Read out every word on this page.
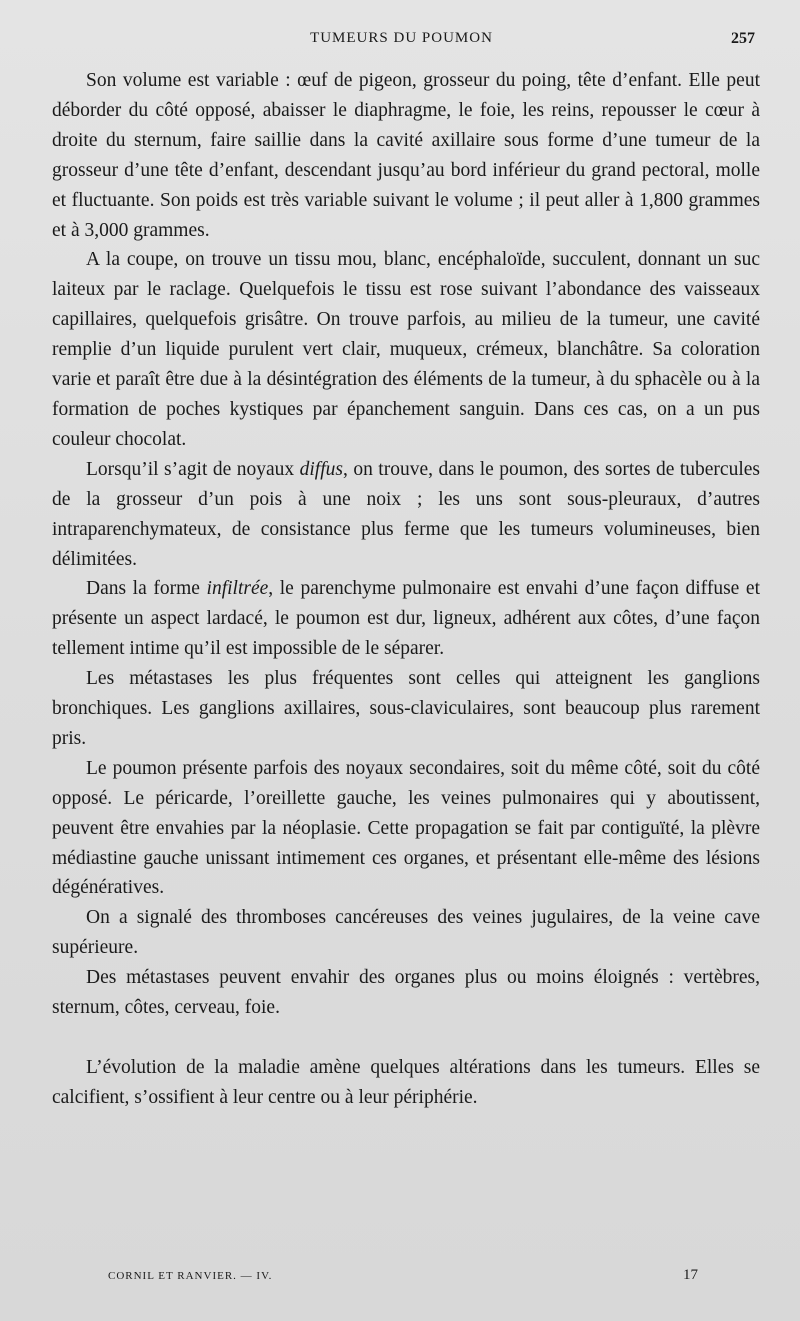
TUMEURS DU POUMON	257

Son volume est variable : œuf de pigeon, grosseur du poing, tête d’enfant. Elle peut déborder du côté opposé, abaisser le diaphragme, le foie, les reins, repousser le cœur à droite du sternum, faire saillie dans la cavité axillaire sous forme d’une tumeur de la grosseur d’une tête d’enfant, descendant jusqu’au bord inférieur du grand pectoral, molle et fluctuante. Son poids est très variable suivant le volume ; il peut aller à 1,800 grammes et à 3,000 grammes.

A la coupe, on trouve un tissu mou, blanc, encéphaloïde, succulent, donnant un suc laiteux par le raclage. Quelquefois le tissu est rose suivant l’abondance des vaisseaux capillaires, quelquefois grisâtre. On trouve parfois, au milieu de la tumeur, une cavité remplie d’un liquide purulent vert clair, muqueux, crémeux, blanchâtre. Sa coloration varie et paraît être due à la désintégration des éléments de la tumeur, à du sphacèle ou à la formation de poches kystiques par épanchement sanguin. Dans ces cas, on a un pus couleur chocolat.

Lorsqu’il s’agit de noyaux diffus, on trouve, dans le poumon, des sortes de tubercules de la grosseur d’un pois à une noix ; les uns sont sous-pleuraux, d’autres intraparenchymateux, de consistance plus ferme que les tumeurs volumineuses, bien délimitées.

Dans la forme infiltrée, le parenchyme pulmonaire est envahi d’une façon diffuse et présente un aspect lardacé, le poumon est dur, ligneux, adhérent aux côtes, d’une façon tellement intime qu’il est impossible de le séparer.

Les métastases les plus fréquentes sont celles qui atteignent les ganglions bronchiques. Les ganglions axillaires, sous-claviculaires, sont beaucoup plus rarement pris.

Le poumon présente parfois des noyaux secondaires, soit du même côté, soit du côté opposé. Le péricarde, l’oreillette gauche, les veines pulmonaires qui y aboutissent, peuvent être envahies par la néoplasie. Cette propagation se fait par contiguïté, la plèvre médiastine gauche unissant intimement ces organes, et présentant elle-même des lésions dégénératives.

On a signalé des thromboses cancéreuses des veines jugulaires, de la veine cave supérieure.

Des métastases peuvent envahir des organes plus ou moins éloignés : vertèbres, sternum, côtes, cerveau, foie.

L’évolution de la maladie amène quelques altérations dans les tumeurs. Elles se calcifient, s’ossifient à leur centre ou à leur périphérie.

CORNIL ET RANVIER. — IV.	17
